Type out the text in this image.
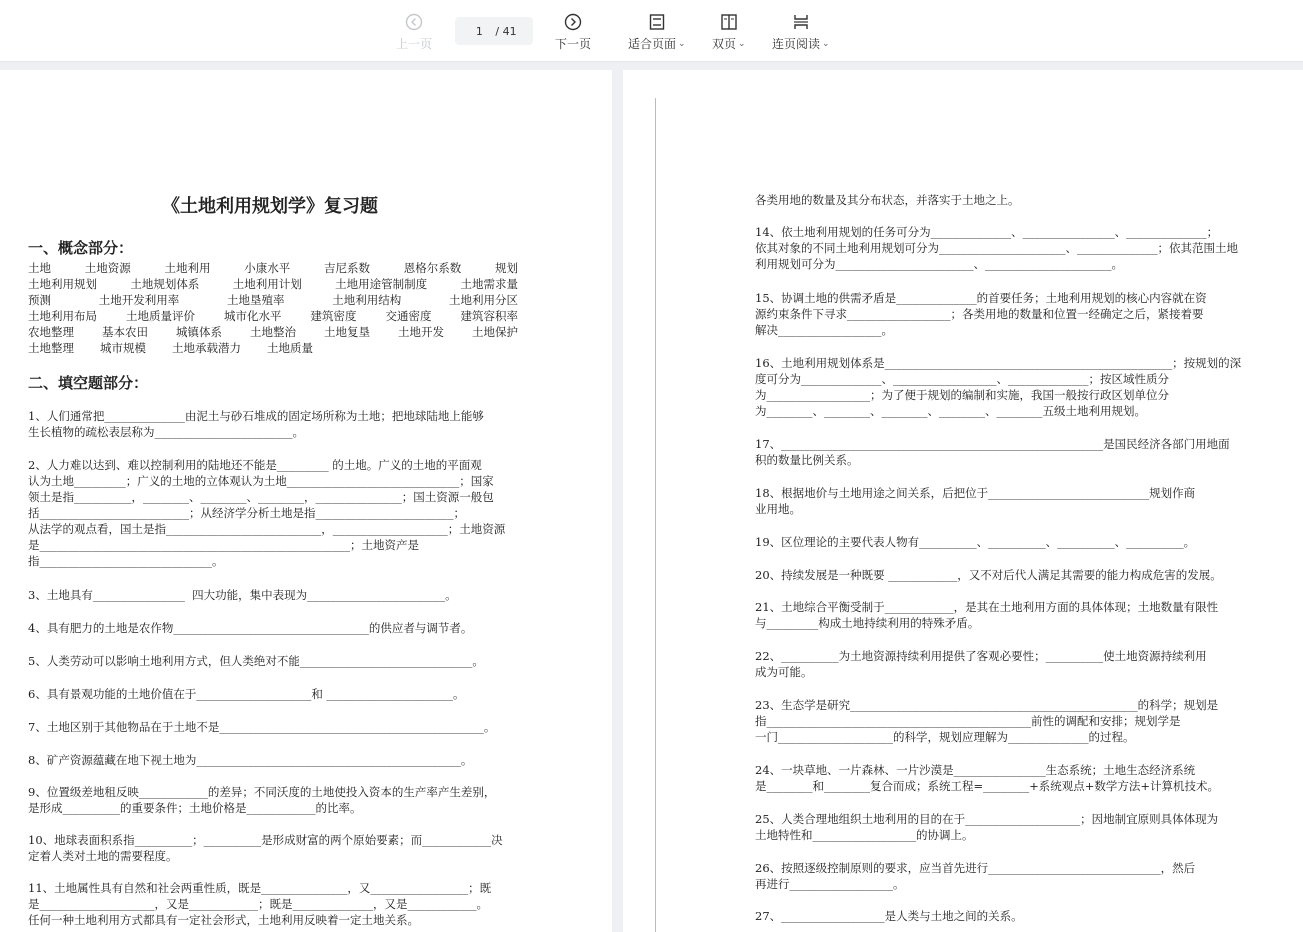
上一页
1
/ 41
下一页	适合页面 ⌄ 双页 ⌄ 连页阅读 ⌄
《土地利用规划学》复习题
一、概念部分：
土地	土地资源	土地利用	小康水平	吉尼系数	恩格尔系数	规划
土地利用规划	土地规划体系	土地利用计划	土地用途管制制度	土地需求量
预测	土地开发利用率	土地垦殖率	土地利用结构	土地利用分区
土地利用布局	土地质量评价	城市化水平	建筑密度	交通密度	建筑容积率
农地整理 基本农田 城镇体系 土地整治 土地复垦 土地开发 土地保护
土地整理 城市规模 土地承载潜力 土地质量
二、填空题部分：
1、人们通常把______________由泥土与砂石堆成的固定场所称为土地；把地球陆地上能够
生长植物的疏松表层称为________________________。
2、人力难以达到、难以控制利用的陆地还不能是_________ 的土地。广义的土地的平面观
认为土地_________；广义的土地的立体观认为土地______________________________；国家
领土是指__________，________、________、________，_______________；国土资源一般包
括__________________________；从经济学分析土地是指________________________；
从法学的观点看，国土是指___________________________，____________________；土地资源
是______________________________________________________；土地资产是
指______________________________。
3、土地具有________________  四大功能，集中表现为________________________。
4、具有肥力的土地是农作物__________________________________的供应者与调节者。
5、人类劳动可以影响土地利用方式，但人类绝对不能______________________________。
6、具有景观功能的土地价值在于____________________和 ______________________。
7、土地区别于其他物品在于土地不是______________________________________________。
8、矿产资源蕴藏在地下视土地为______________________________________________。
9、位置级差地租反映____________的差异；不同沃度的土地使投入资本的生产率产生差别，
是形成__________的重要条件；土地价格是____________的比率。
10、地球表面积系指__________；__________是形成财富的两个原始要素；而____________决
定着人类对土地的需要程度。
11、土地属性具有自然和社会两重性质，既是_______________，又_________________；既
是____________________，又是____________；既是______________，又是____________。
任何一种土地利用方式都具有一定社会形式，土地利用反映着一定土地关系。
各类用地的数量及其分布状态，并落实于土地之上。
14、依土地利用规划的任务可分为______________、________________、______________；
依其对象的不同土地利用规划可分为______________________、______________；依其范围土地
利用规划可分为________________________、______________________。
15、协调土地的供需矛盾是______________的首要任务；土地利用规划的核心内容就在资
源约束条件下寻求__________________；各类用地的数量和位置一经确定之后，紧接着要
解决__________________。
16、土地利用规划体系是__________________________________________________；按规划的深
度可分为______________、__________________、______________；按区域性质分
为__________________；为了便于规划的编制和实施，我国一般按行政区划单位分
为________、________、________、________、________五级土地利用规划。
17、________________________________________________________是国民经济各部门用地面
积的数量比例关系。
18、根据地价与土地用途之间关系，后把位于____________________________规划作商
业用地。
19、区位理论的主要代表人物有__________、__________、__________、__________。
20、持续发展是一种既要 ____________，又不对后代人满足其需要的能力构成危害的发展。
21、土地综合平衡受制于____________，是其在土地利用方面的具体体现；土地数量有限性
与_________构成土地持续利用的特殊矛盾。
22、__________为土地资源持续利用提供了客观必要性；__________使土地资源持续利用
成为可能。
23、生态学是研究__________________________________________________的科学；规划是
指______________________________________________前性的调配和安排；规划学是
一门____________________的科学，规划应理解为______________的过程。
24、一块草地、一片森林、一片沙漠是________________生态系统；土地生态经济系统
是________和________复合而成；系统工程=________+系统观点+数学方法+计算机技术。
25、人类合理地组织土地利用的目的在于____________________；因地制宜原则具体体现为
土地特性和__________________的协调上。
26、按照逐级控制原则的要求，应当首先进行______________________________，然后
再进行__________________。
27、__________________是人类与土地之间的关系。
